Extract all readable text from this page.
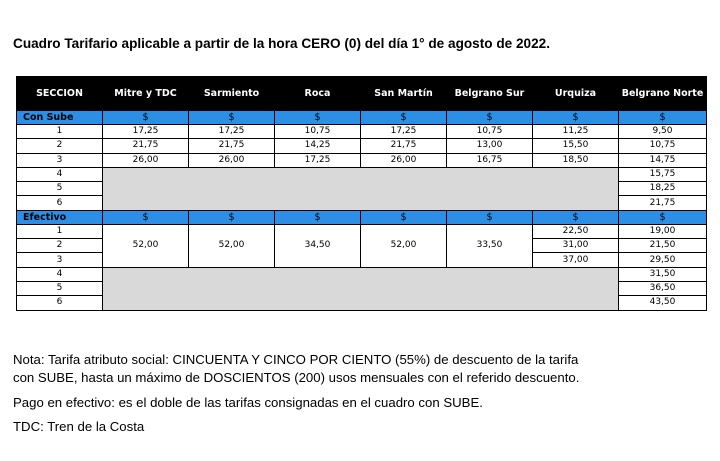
Cuadro Tarifario aplicable a partir de la hora CERO (0) del día 1° de agosto de 2022.
SECCION	Mitre y TDC	Sarmiento	Roca	San Martín	Belgrano Sur	Urquiza	Belgrano Norte
Con Sube	$	$	$	$	$	$	$
1	17,25	17,25	10,75	17,25	10,75	11,25	9,50
2	21,75	21,75	14,25	21,75	13,00	15,50	10,75
3	26,00	26,00	17,25	26,00	16,75	18,50	14,75
4							15,75
5							18,25
6							21,75
Efectivo	$	$	$	$	$	$	$
1	52,00	52,00	34,50	52,00	33,50	22,50	19,00
2						31,00	21,50
3						37,00	29,50
4							31,50
5							36,50
6							43,50
Nota: Tarifa atributo social: CINCUENTA Y CINCO POR CIENTO (55%) de descuento de la tarifa
con SUBE, hasta un máximo de DOSCIENTOS (200) usos mensuales con el referido descuento.
Pago en efectivo: es el doble de las tarifas consignadas en el cuadro con SUBE.
TDC: Tren de la Costa
